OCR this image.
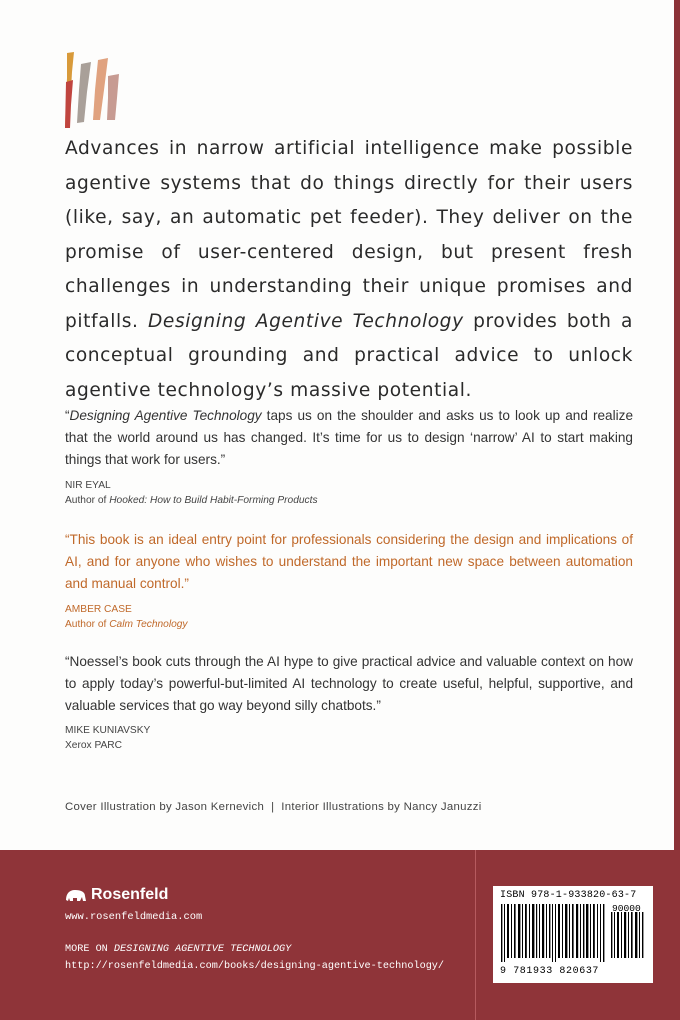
Advances in narrow artificial intelligence make possible agentive systems that do things directly for their users (like, say, an automatic pet feeder). They deliver on the promise of user-centered design, but present fresh challenges in understanding their unique promises and pitfalls. Designing Agentive Technology provides both a conceptual grounding and practical advice to unlock agentive technology’s massive potential.
“Designing Agentive Technology taps us on the shoulder and asks us to look up and realize that the world around us has changed. It’s time for us to design ‘narrow’ AI to start making things that work for users.”
NIR EYAL
Author of Hooked: How to Build Habit-Forming Products
“This book is an ideal entry point for professionals considering the design and implications of AI, and for anyone who wishes to understand the important new space between automation and manual control.”
AMBER CASE
Author of Calm Technology
“Noessel’s book cuts through the AI hype to give practical advice and valuable context on how to apply today’s powerful-but-limited AI technology to create useful, helpful, supportive, and valuable services that go way beyond silly chatbots.”
MIKE KUNIAVSKY
Xerox PARC
Cover Illustration by Jason Kernevich  |  Interior Illustrations by Nancy Januzzi
Rosenfeld
www.rosenfeldmedia.com
MORE ON DESIGNING AGENTIVE TECHNOLOGY
http://rosenfeldmedia.com/books/designing-agentive-technology/
ISBN 978-1-933820-63-7
90000
9 781933 820637
